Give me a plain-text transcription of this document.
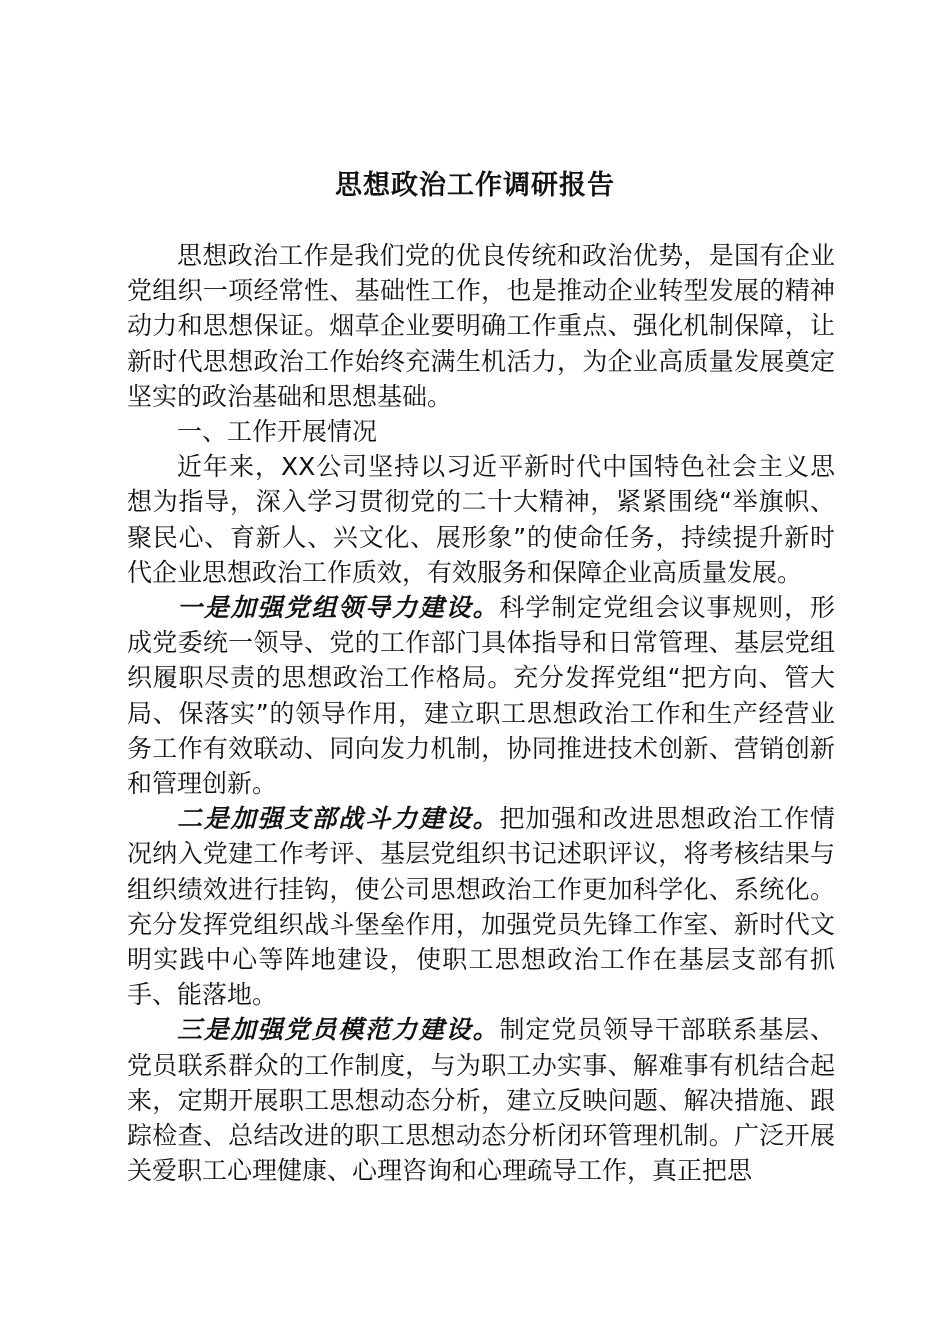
思想政治工作调研报告

思想政治工作是我们党的优良传统和政治优势，是国有企业党组织一项经常性、基础性工作，也是推动企业转型发展的精神动力和思想保证。烟草企业要明确工作重点、强化机制保障，让新时代思想政治工作始终充满生机活力，为企业高质量发展奠定坚实的政治基础和思想基础。

一、工作开展情况

近年来，XX公司坚持以习近平新时代中国特色社会主义思想为指导，深入学习贯彻党的二十大精神，紧紧围绕“举旗帜、聚民心、育新人、兴文化、展形象”的使命任务，持续提升新时代企业思想政治工作质效，有效服务和保障企业高质量发展。

一是加强党组领导力建设。科学制定党组会议事规则，形成党委统一领导、党的工作部门具体指导和日常管理、基层党组织履职尽责的思想政治工作格局。充分发挥党组“把方向、管大局、保落实”的领导作用，建立职工思想政治工作和生产经营业务工作有效联动、同向发力机制，协同推进技术创新、营销创新和管理创新。

二是加强支部战斗力建设。把加强和改进思想政治工作情况纳入党建工作考评、基层党组织书记述职评议，将考核结果与组织绩效进行挂钩，使公司思想政治工作更加科学化、系统化。充分发挥党组织战斗堡垒作用，加强党员先锋工作室、新时代文明实践中心等阵地建设，使职工思想政治工作在基层支部有抓手、能落地。

三是加强党员模范力建设。制定党员领导干部联系基层、党员联系群众的工作制度，与为职工办实事、解难事有机结合起来，定期开展职工思想动态分析，建立反映问题、解决措施、跟踪检查、总结改进的职工思想动态分析闭环管理机制。广泛开展关爱职工心理健康、心理咨询和心理疏导工作，真正把思
